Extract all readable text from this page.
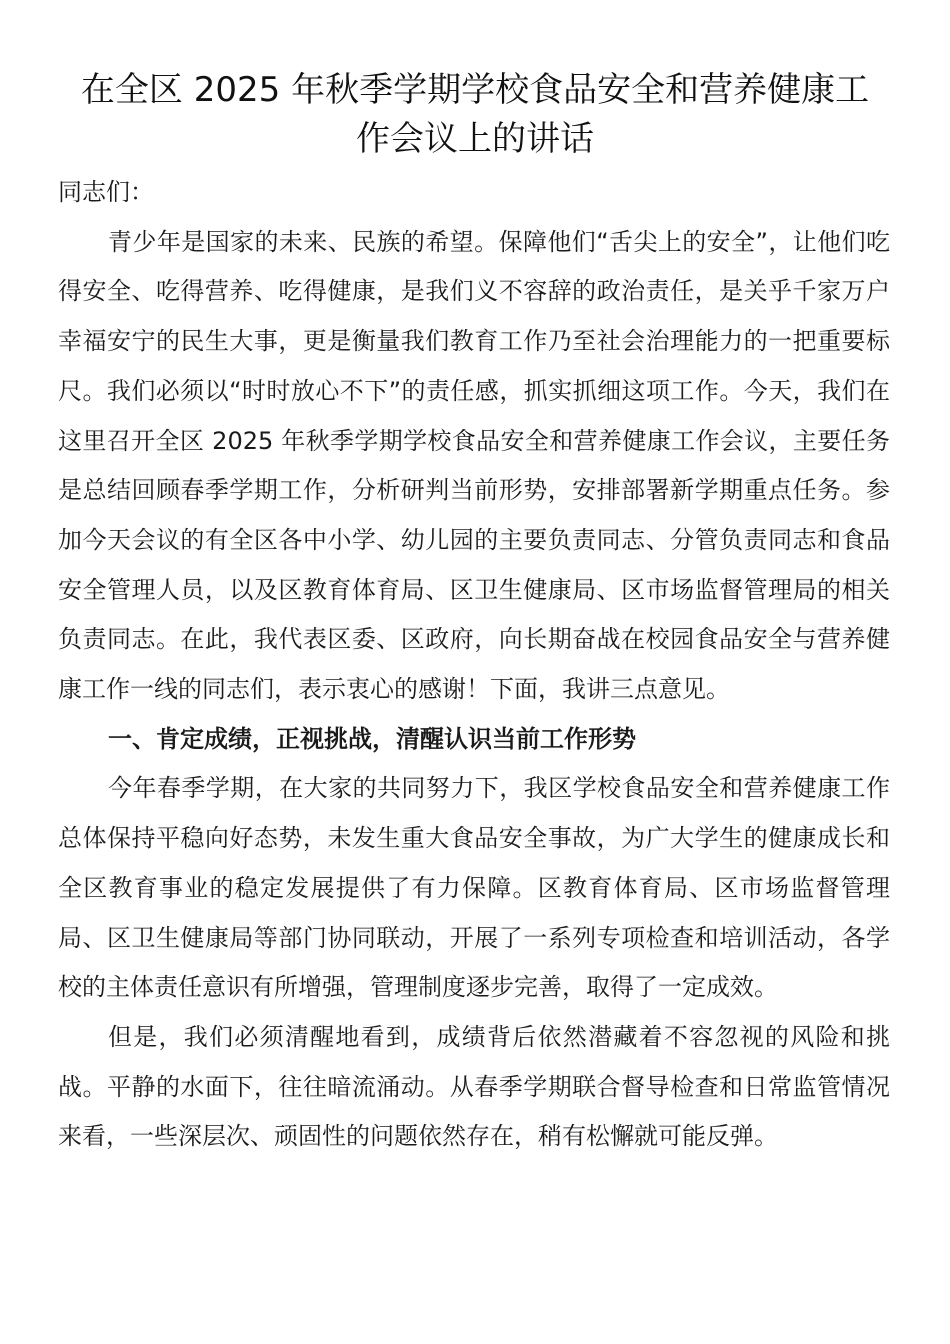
在全区 2025 年秋季学期学校食品安全和营养健康工
作会议上的讲话

同志们：

青少年是国家的未来、民族的希望。保障他们“舌尖上的安全”，让他们吃得安全、吃得营养、吃得健康，是我们义不容辞的政治责任，是关乎千家万户幸福安宁的民生大事，更是衡量我们教育工作乃至社会治理能力的一把重要标尺。我们必须以“时时放心不下”的责任感，抓实抓细这项工作。今天，我们在这里召开全区 2025 年秋季学期学校食品安全和营养健康工作会议，主要任务是总结回顾春季学期工作，分析研判当前形势，安排部署新学期重点任务。参加今天会议的有全区各中小学、幼儿园的主要负责同志、分管负责同志和食品安全管理人员，以及区教育体育局、区卫生健康局、区市场监督管理局的相关负责同志。在此，我代表区委、区政府，向长期奋战在校园食品安全与营养健康工作一线的同志们，表示衷心的感谢！下面，我讲三点意见。

一、肯定成绩，正视挑战，清醒认识当前工作形势

今年春季学期，在大家的共同努力下，我区学校食品安全和营养健康工作总体保持平稳向好态势，未发生重大食品安全事故，为广大学生的健康成长和全区教育事业的稳定发展提供了有力保障。区教育体育局、区市场监督管理局、区卫生健康局等部门协同联动，开展了一系列专项检查和培训活动，各学校的主体责任意识有所增强，管理制度逐步完善，取得了一定成效。

但是，我们必须清醒地看到，成绩背后依然潜藏着不容忽视的风险和挑战。平静的水面下，往往暗流涌动。从春季学期联合督导检查和日常监管情况来看，一些深层次、顽固性的问题依然存在，稍有松懈就可能反弹。
